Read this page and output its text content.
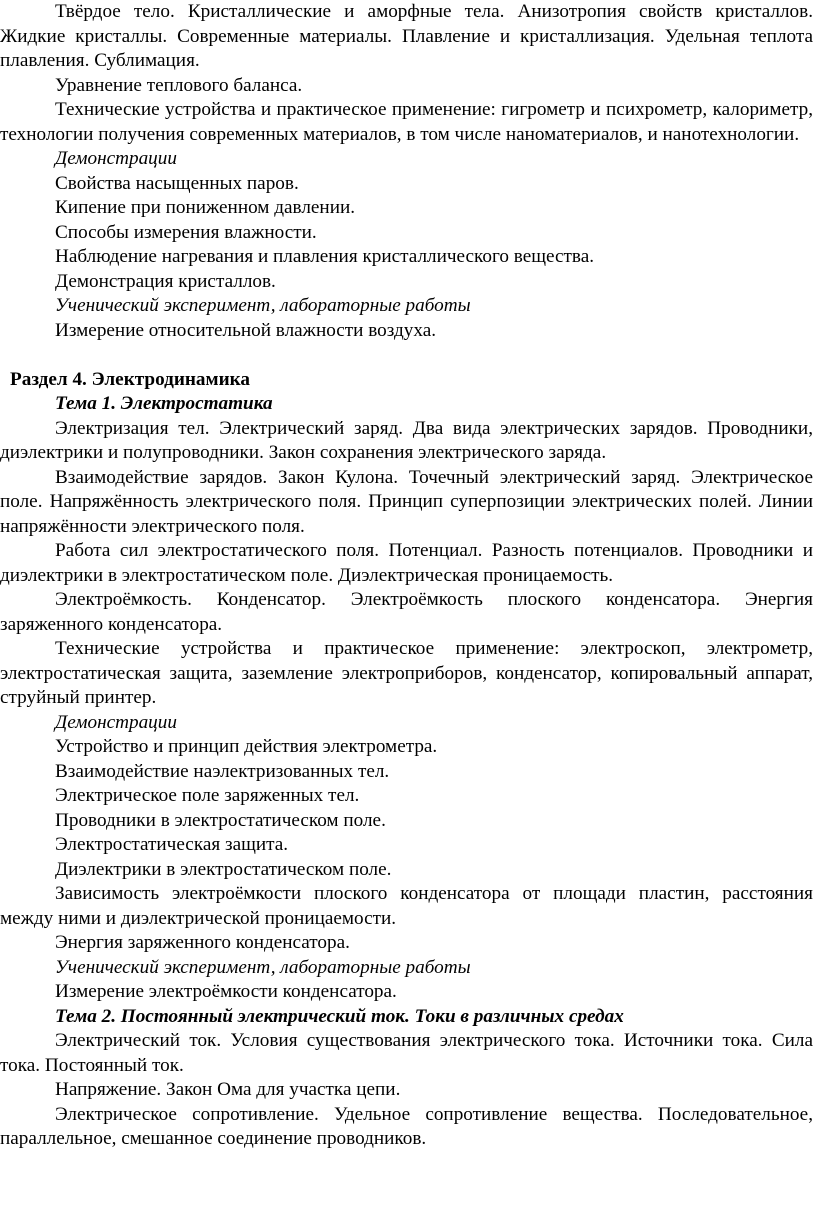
Твёрдое тело. Кристаллические и аморфные тела. Анизотропия свойств кристаллов. Жидкие кристаллы. Современные материалы. Плавление и кристаллизация. Удельная теплота плавления. Сублимация.

Уравнение теплового баланса.

Технические устройства и практическое применение: гигрометр и психрометр, калориметр, технологии получения современных материалов, в том числе наноматериалов, и нанотехнологии.

Демонстрации

Свойства насыщенных паров.

Кипение при пониженном давлении.

Способы измерения влажности.

Наблюдение нагревания и плавления кристаллического вещества.

Демонстрация кристаллов.

Ученический эксперимент, лабораторные работы

Измерение относительной влажности воздуха.

Раздел 4. Электродинамика

Тема 1. Электростатика

Электризация тел. Электрический заряд. Два вида электрических зарядов. Проводники, диэлектрики и полупроводники. Закон сохранения электрического заряда.

Взаимодействие зарядов. Закон Кулона. Точечный электрический заряд. Электрическое поле. Напряжённость электрического поля. Принцип суперпозиции электрических полей. Линии напряжённости электрического поля.

Работа сил электростатического поля. Потенциал. Разность потенциалов. Проводники и диэлектрики в электростатическом поле. Диэлектрическая проницаемость.

Электроёмкость. Конденсатор. Электроёмкость плоского конденсатора. Энергия заряженного конденсатора.

Технические устройства и практическое применение: электроскоп, электрометр, электростатическая защита, заземление электроприборов, конденсатор, копировальный аппарат, струйный принтер.

Демонстрации

Устройство и принцип действия электрометра.

Взаимодействие наэлектризованных тел.

Электрическое поле заряженных тел.

Проводники в электростатическом поле.

Электростатическая защита.

Диэлектрики в электростатическом поле.

Зависимость электроёмкости плоского конденсатора от площади пластин, расстояния между ними и диэлектрической проницаемости.

Энергия заряженного конденсатора.

Ученический эксперимент, лабораторные работы

Измерение электроёмкости конденсатора.

Тема 2. Постоянный электрический ток. Токи в различных средах

Электрический ток. Условия существования электрического тока. Источники тока. Сила тока. Постоянный ток.

Напряжение. Закон Ома для участка цепи.

Электрическое сопротивление. Удельное сопротивление вещества. Последовательное, параллельное, смешанное соединение проводников.
